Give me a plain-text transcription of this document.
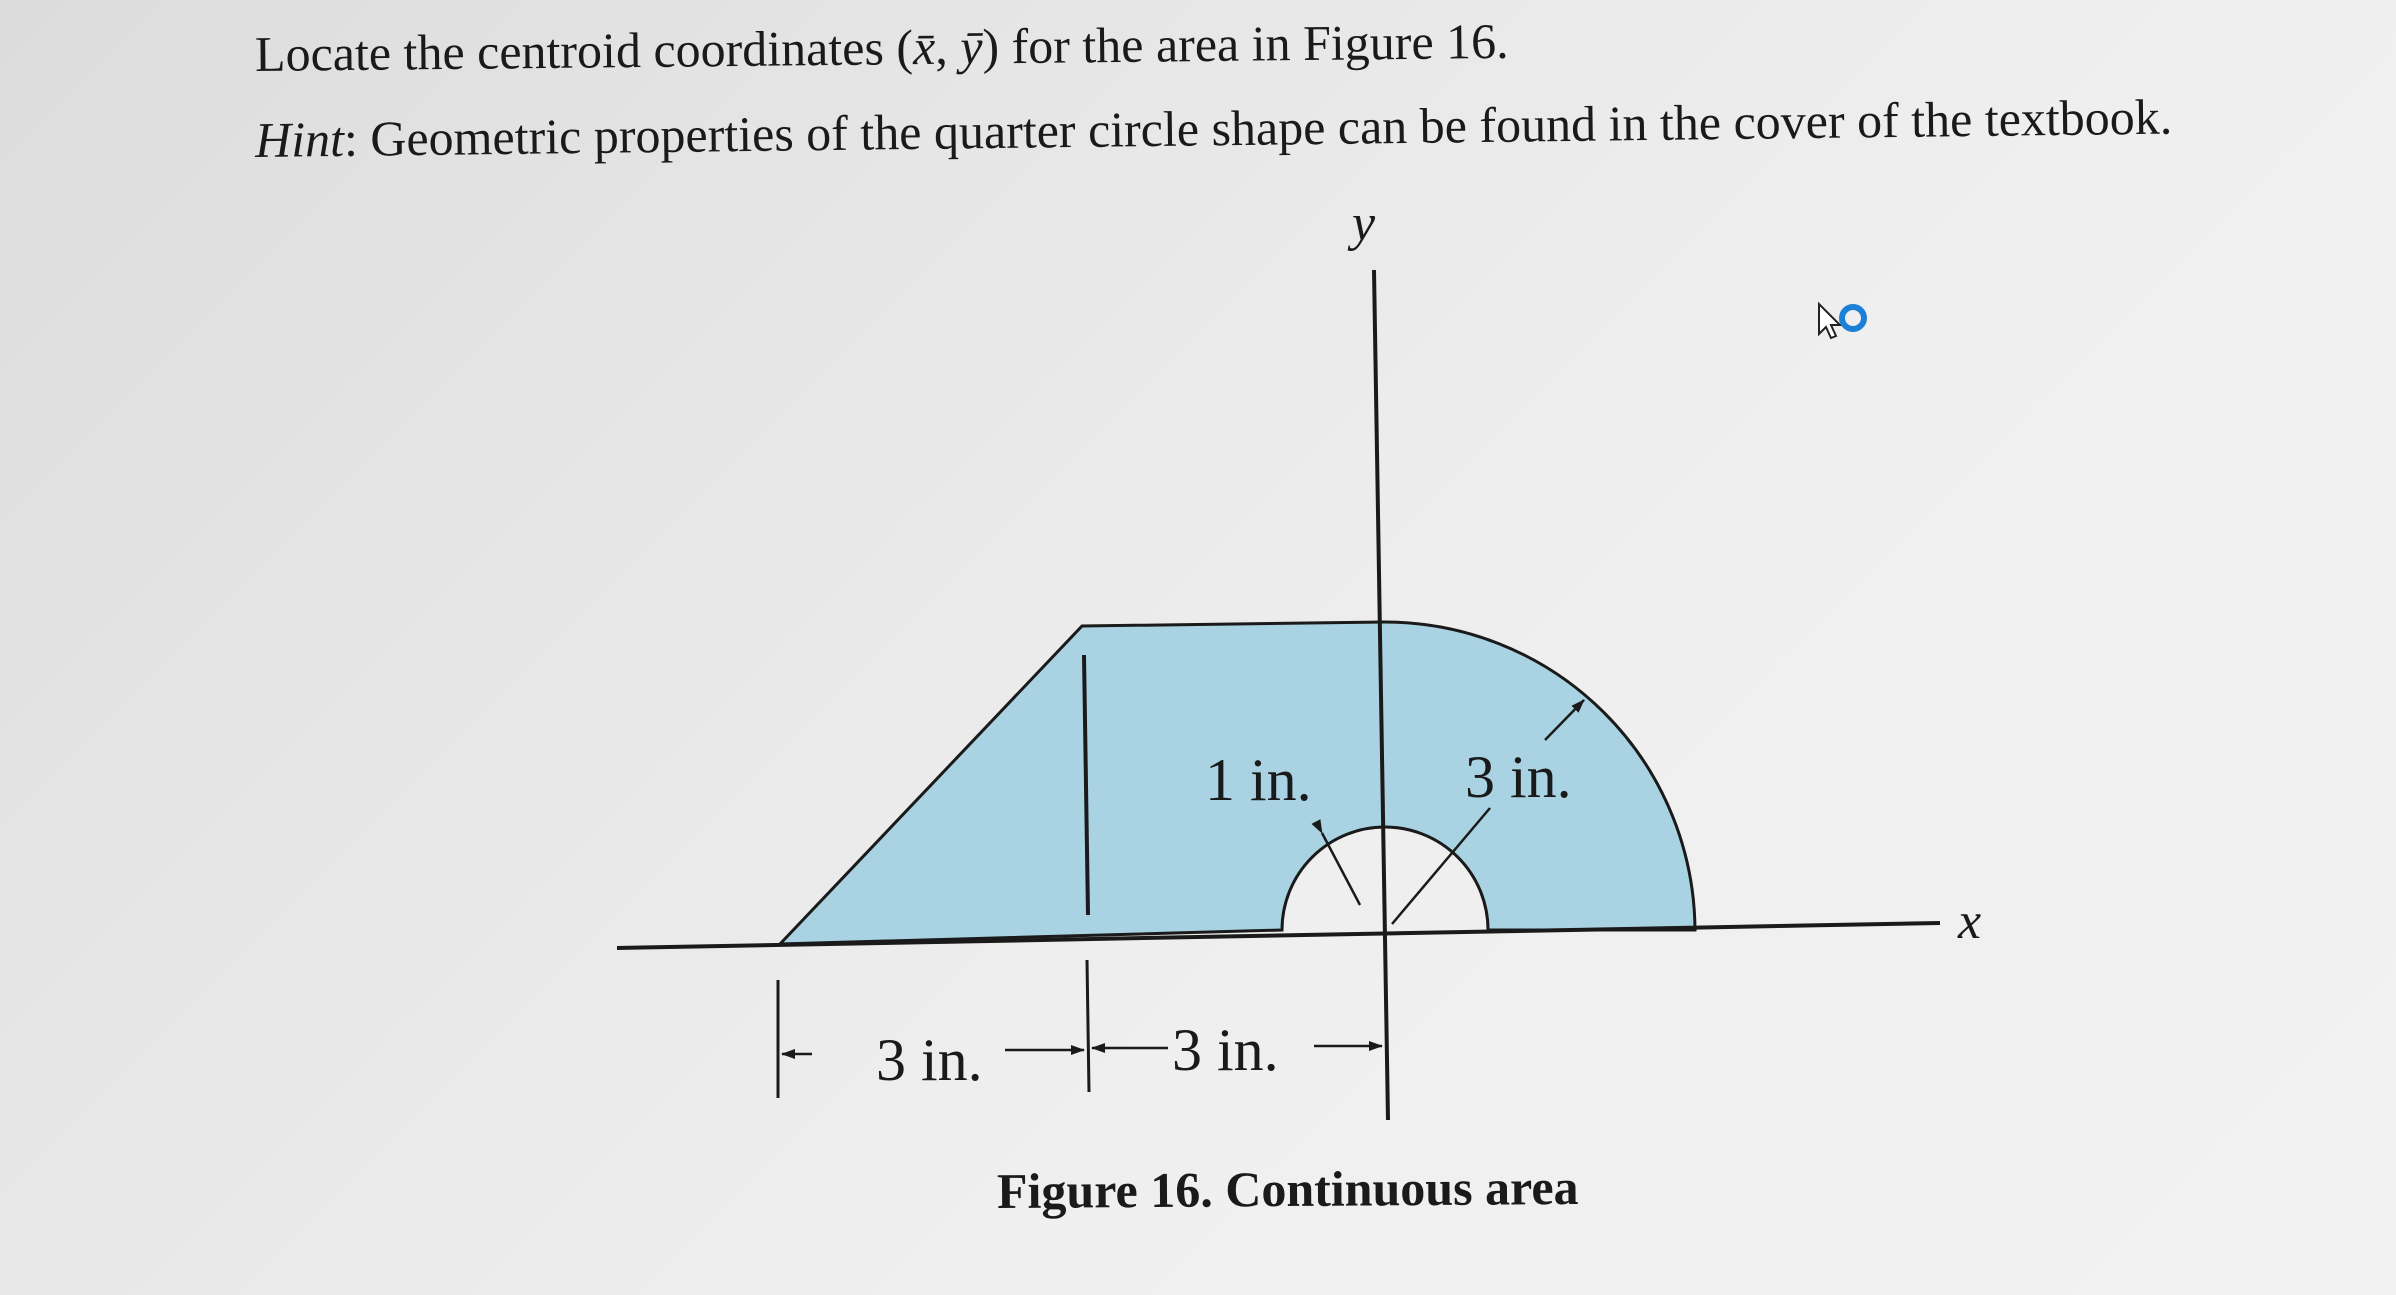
Locate the centroid coordinates (x̄, ȳ) for the area in Figure 16.
Hint: Geometric properties of the quarter circle shape can be found in the cover of the textbook.
y
x
1 in.	3 in.
3 in.	3 in.
Figure 16. Continuous area
